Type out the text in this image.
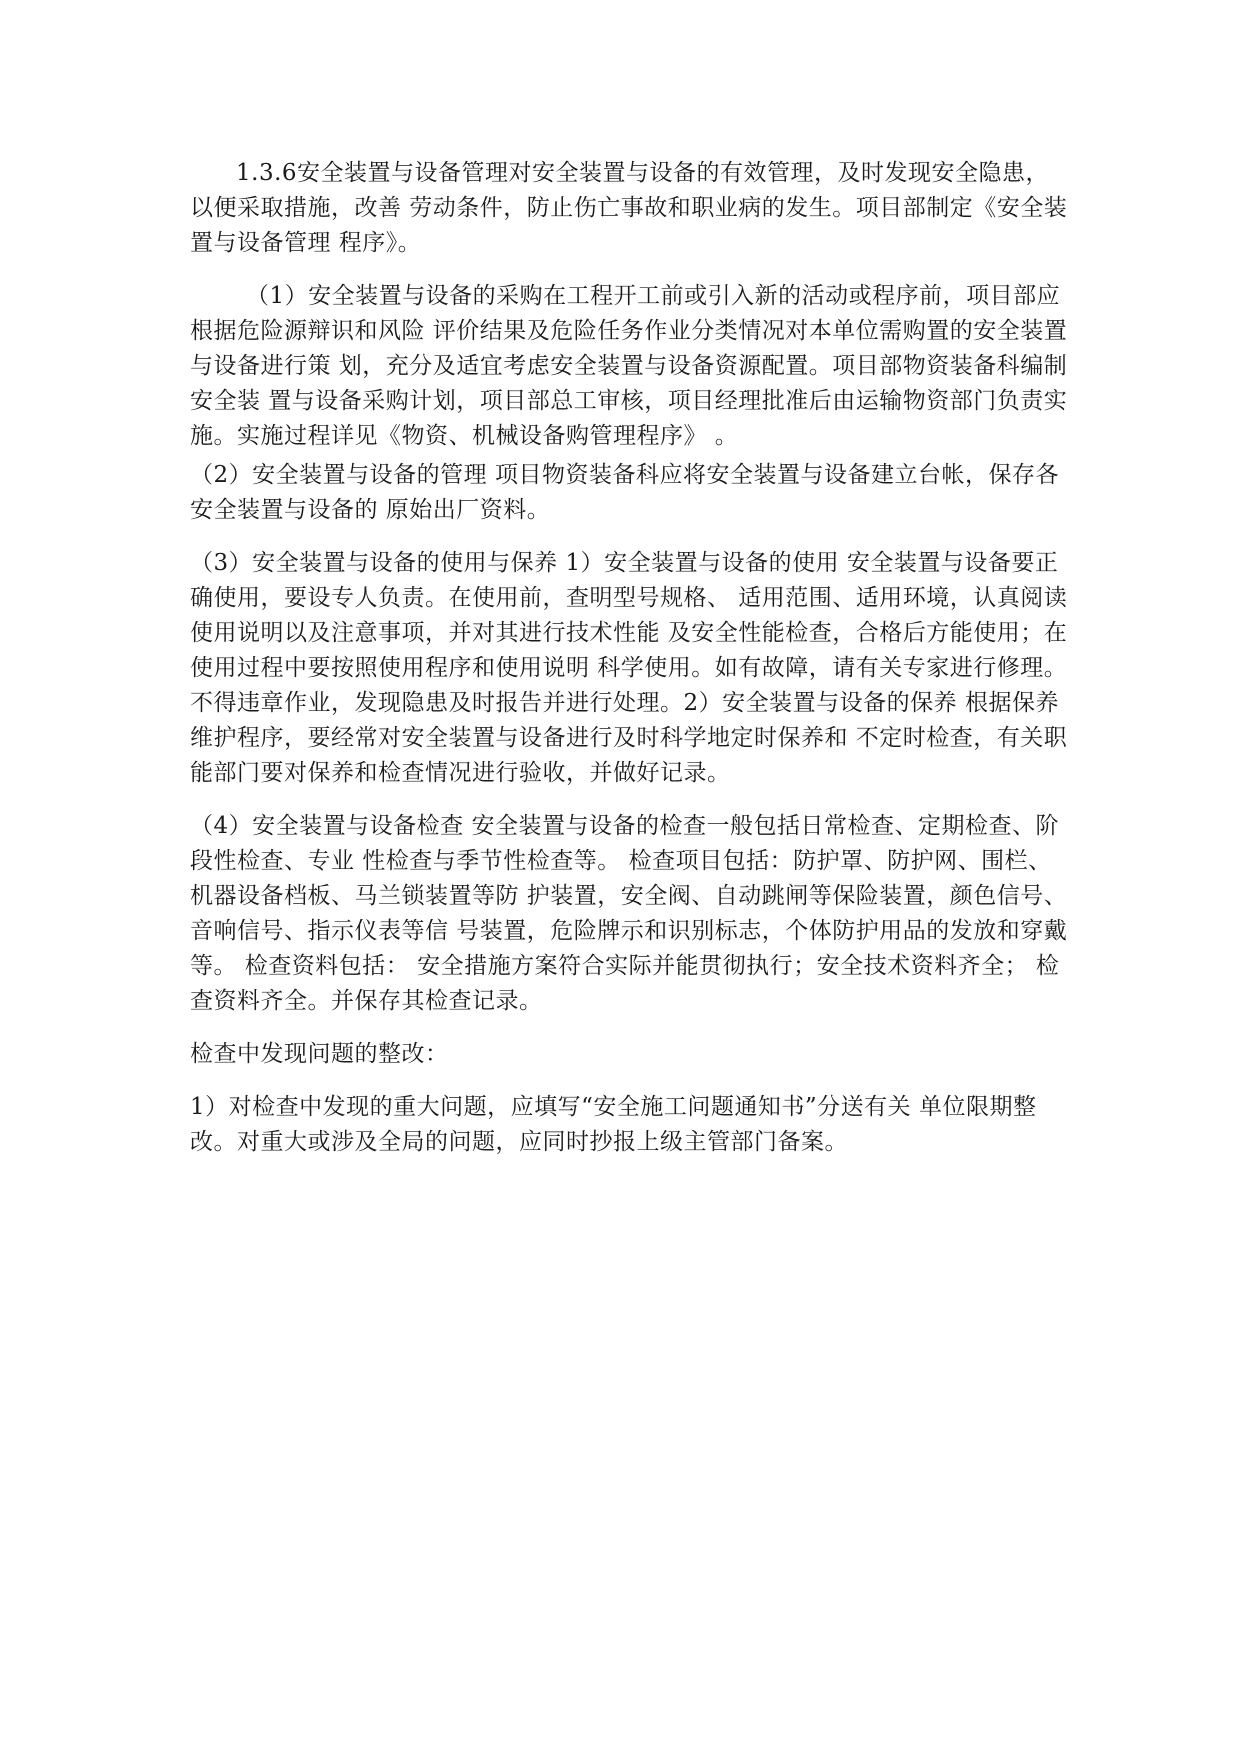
1.3.6安全装置与设备管理对安全装置与设备的有效管理，及时发现安全隐患，以便采取措施，改善 劳动条件，防止伤亡事故和职业病的发生。项目部制定《安全装置与设备管理 程序》。

（1）安全装置与设备的采购在工程开工前或引入新的活动或程序前，项目部应根据危险源辩识和风险 评价结果及危险任务作业分类情况对本单位需购置的安全装置与设备进行策 划，充分及适宜考虑安全装置与设备资源配置。项目部物资装备科编制安全装 置与设备采购计划，项目部总工审核，项目经理批准后由运输物资部门负责实 施。实施过程详见《物资、机械设备购管理程序》 。

（2）安全装置与设备的管理 项目物资装备科应将安全装置与设备建立台帐，保存各安全装置与设备的 原始出厂资料。

（3）安全装置与设备的使用与保养 1）安全装置与设备的使用 安全装置与设备要正确使用，要设专人负责。在使用前，查明型号规格、 适用范围、适用环境，认真阅读使用说明以及注意事项，并对其进行技术性能 及安全性能检查，合格后方能使用；在使用过程中要按照使用程序和使用说明 科学使用。如有故障，请有关专家进行修理。不得违章作业，发现隐患及时报告并进行处理。2）安全装置与设备的保养 根据保养维护程序，要经常对安全装置与设备进行及时科学地定时保养和 不定时检查，有关职能部门要对保养和检查情况进行验收，并做好记录。

（4）安全装置与设备检查 安全装置与设备的检查一般包括日常检查、定期检查、阶段性检查、专业 性检查与季节性检查等。 检查项目包括：防护罩、防护网、围栏、机器设备档板、马兰锁装置等防 护装置，安全阀、自动跳闸等保险装置，颜色信号、音响信号、指示仪表等信 号装置，危险牌示和识别标志，个体防护用品的发放和穿戴等。 检查资料包括： 安全措施方案符合实际并能贯彻执行；安全技术资料齐全； 检查资料齐全。并保存其检查记录。

检查中发现问题的整改：

1）对检查中发现的重大问题，应填写“安全施工问题通知书”分送有关 单位限期整改。对重大或涉及全局的问题，应同时抄报上级主管部门备案。
